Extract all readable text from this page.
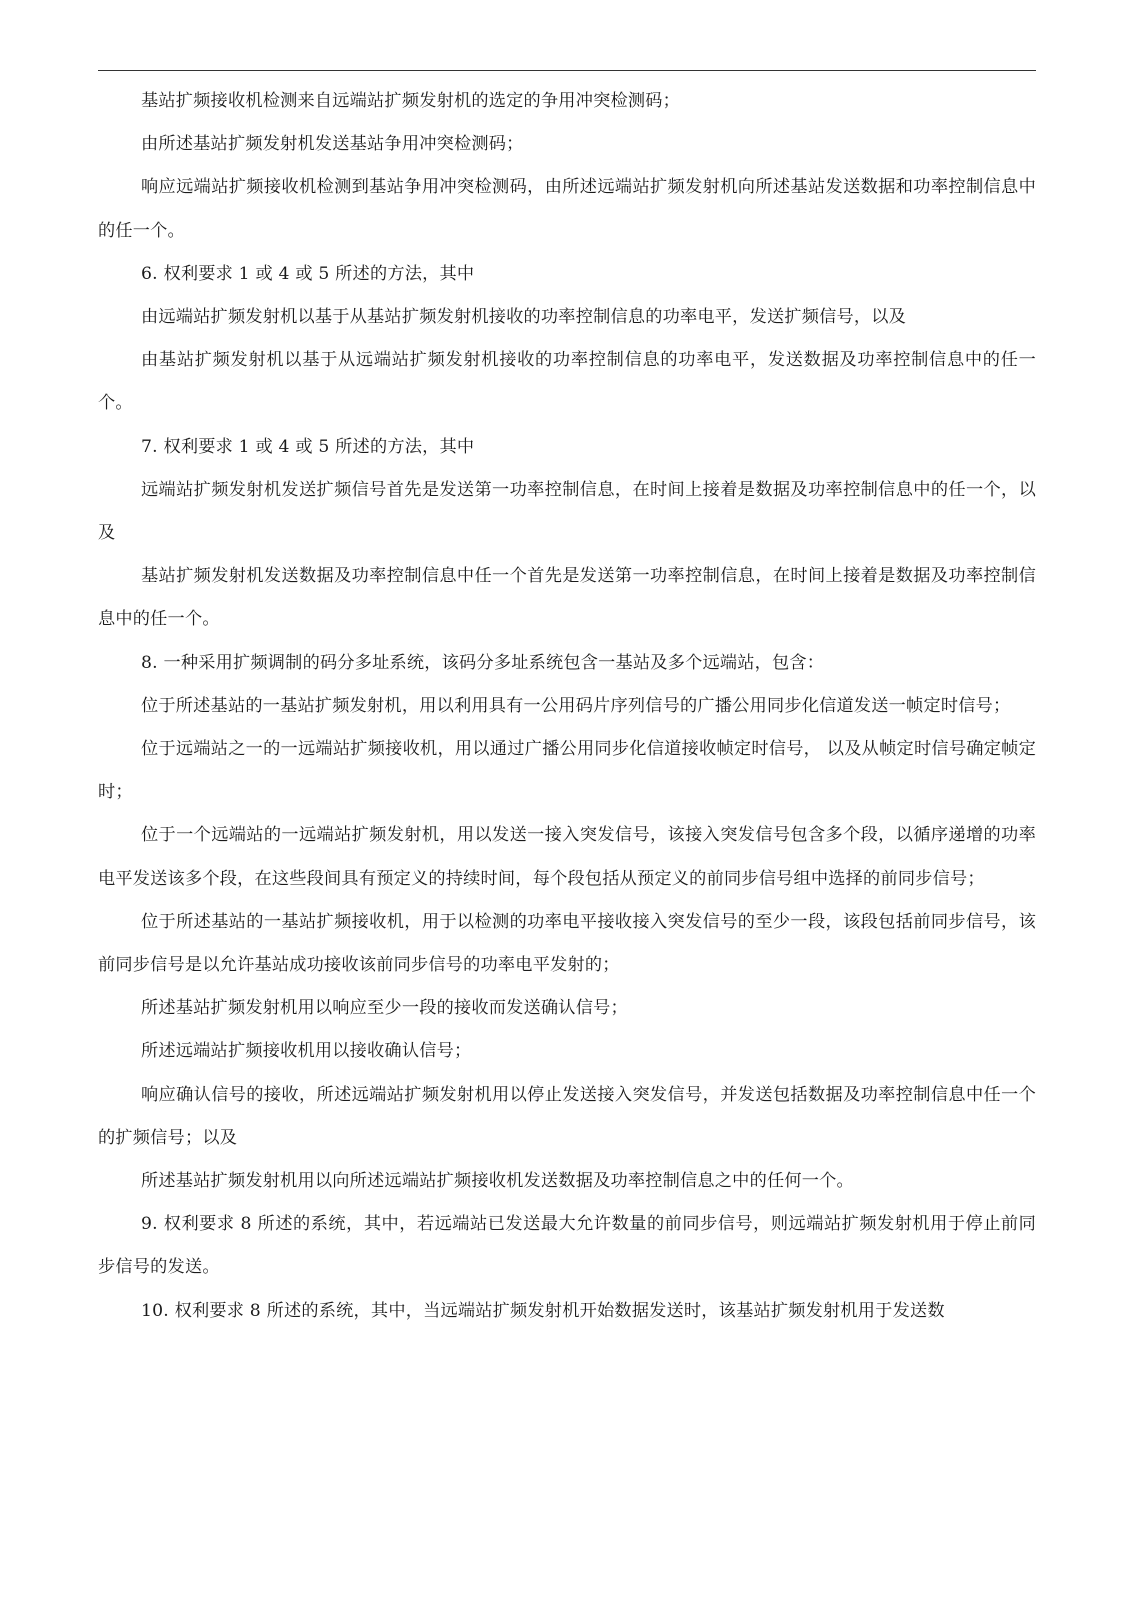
基站扩频接收机检测来自远端站扩频发射机的选定的争用冲突检测码；

由所述基站扩频发射机发送基站争用冲突检测码；

响应远端站扩频接收机检测到基站争用冲突检测码，由所述远端站扩频发射机向所述基站发送数据和功率控制信息中的任一个。

6. 权利要求 1 或 4 或 5 所述的方法，其中

由远端站扩频发射机以基于从基站扩频发射机接收的功率控制信息的功率电平，发送扩频信号，以及

由基站扩频发射机以基于从远端站扩频发射机接收的功率控制信息的功率电平，发送数据及功率控制信息中的任一个。

7. 权利要求 1 或 4 或 5 所述的方法，其中

远端站扩频发射机发送扩频信号首先是发送第一功率控制信息，在时间上接着是数据及功率控制信息中的任一个，以及

基站扩频发射机发送数据及功率控制信息中任一个首先是发送第一功率控制信息，在时间上接着是数据及功率控制信息中的任一个。

8. 一种采用扩频调制的码分多址系统，该码分多址系统包含一基站及多个远端站，包含：

位于所述基站的一基站扩频发射机，用以利用具有一公用码片序列信号的广播公用同步化信道发送一帧定时信号；

位于远端站之一的一远端站扩频接收机，用以通过广播公用同步化信道接收帧定时信号， 以及从帧定时信号确定帧定时；

位于一个远端站的一远端站扩频发射机，用以发送一接入突发信号，该接入突发信号包含多个段，以循序递增的功率电平发送该多个段，在这些段间具有预定义的持续时间，每个段包括从预定义的前同步信号组中选择的前同步信号；

位于所述基站的一基站扩频接收机，用于以检测的功率电平接收接入突发信号的至少一段，该段包括前同步信号，该前同步信号是以允许基站成功接收该前同步信号的功率电平发射的；

所述基站扩频发射机用以响应至少一段的接收而发送确认信号；

所述远端站扩频接收机用以接收确认信号；

响应确认信号的接收，所述远端站扩频发射机用以停止发送接入突发信号，并发送包括数据及功率控制信息中任一个的扩频信号；以及

所述基站扩频发射机用以向所述远端站扩频接收机发送数据及功率控制信息之中的任何一个。

9. 权利要求 8 所述的系统，其中，若远端站已发送最大允许数量的前同步信号，则远端站扩频发射机用于停止前同步信号的发送。

10. 权利要求 8 所述的系统，其中，当远端站扩频发射机开始数据发送时，该基站扩频发射机用于发送数
